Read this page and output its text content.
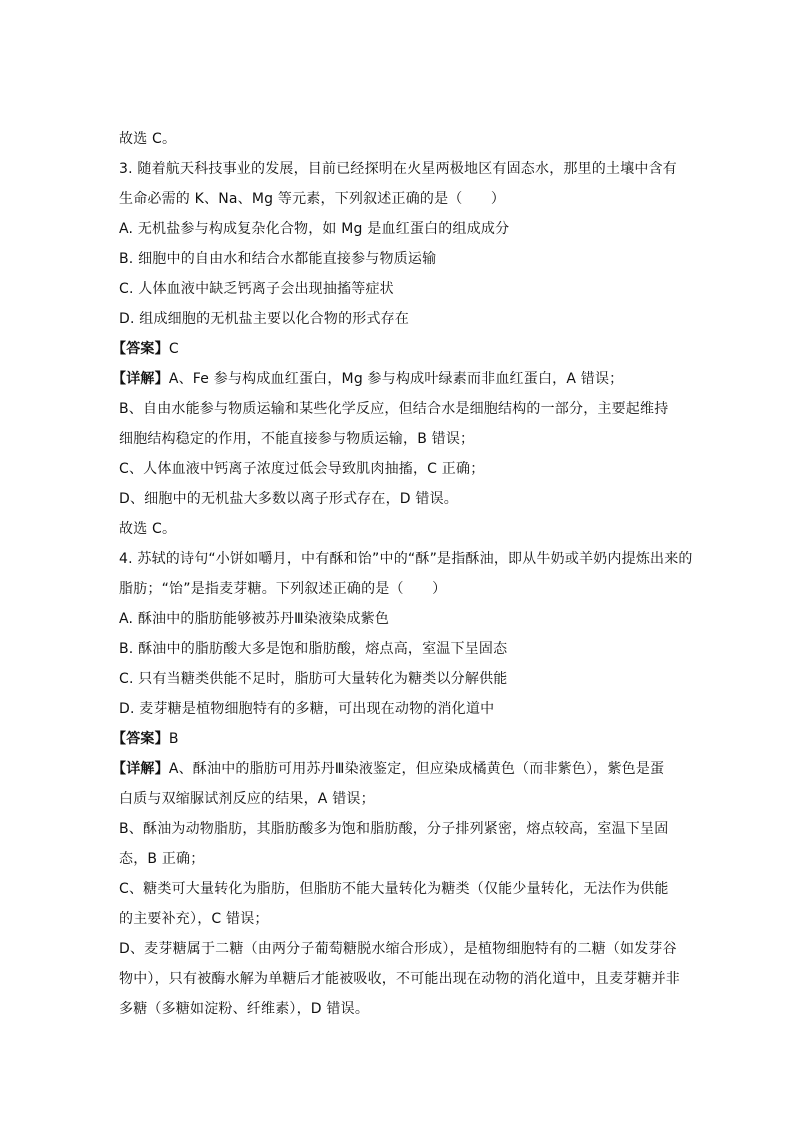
故选 C。
3. 随着航天科技事业的发展，目前已经探明在火星两极地区有固态水，那里的土壤中含有
生命必需的 K、Na、Mg 等元素，下列叙述正确的是（　　）
A. 无机盐参与构成复杂化合物，如 Mg 是血红蛋白的组成成分
B. 细胞中的自由水和结合水都能直接参与物质运输
C. 人体血液中缺乏钙离子会出现抽搐等症状
D. 组成细胞的无机盐主要以化合物的形式存在
【答案】C
【详解】A、Fe 参与构成血红蛋白，Mg 参与构成叶绿素而非血红蛋白，A 错误；
B、自由水能参与物质运输和某些化学反应，但结合水是细胞结构的一部分，主要起维持
细胞结构稳定的作用，不能直接参与物质运输，B 错误；
C、人体血液中钙离子浓度过低会导致肌肉抽搐，C 正确；
D、细胞中的无机盐大多数以离子形式存在，D 错误。
故选 C。
4. 苏轼的诗句“小饼如嚼月，中有酥和饴”中的“酥”是指酥油，即从牛奶或羊奶内提炼出来的
脂肪；“饴”是指麦芽糖。下列叙述正确的是（　　）
A. 酥油中的脂肪能够被苏丹Ⅲ染液染成紫色
B. 酥油中的脂肪酸大多是饱和脂肪酸，熔点高，室温下呈固态
C. 只有当糖类供能不足时，脂肪可大量转化为糖类以分解供能
D. 麦芽糖是植物细胞特有的多糖，可出现在动物的消化道中
【答案】B
【详解】A、酥油中的脂肪可用苏丹Ⅲ染液鉴定，但应染成橘黄色（而非紫色），紫色是蛋
白质与双缩脲试剂反应的结果，A 错误；
B、酥油为动物脂肪，其脂肪酸多为饱和脂肪酸，分子排列紧密，熔点较高，室温下呈固
态，B 正确；
C、糖类可大量转化为脂肪，但脂肪不能大量转化为糖类（仅能少量转化，无法作为供能
的主要补充），C 错误；
D、麦芽糖属于二糖（由两分子葡萄糖脱水缩合形成），是植物细胞特有的二糖（如发芽谷
物中），只有被酶水解为单糖后才能被吸收，不可能出现在动物的消化道中，且麦芽糖并非
多糖（多糖如淀粉、纤维素），D 错误。
